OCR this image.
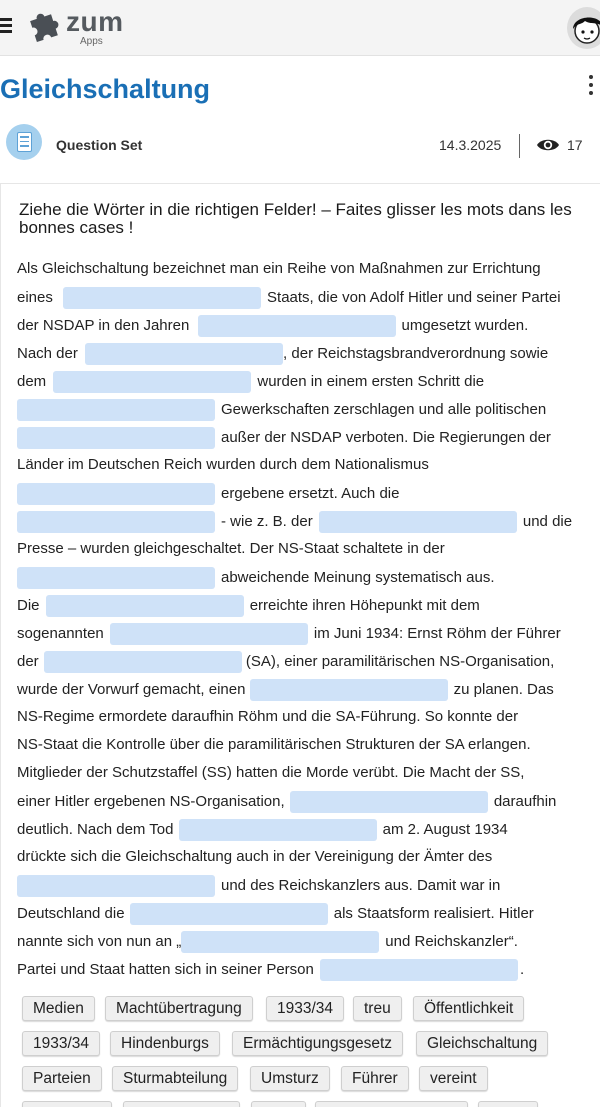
zum
Apps
Gleichschaltung
Question Set	14.3.2025	17

Ziehe die Wörter in die richtigen Felder! – Faites glisser les mots dans les bonnes cases !

Als Gleichschaltung bezeichnet man ein Reihe von Maßnahmen zur Errichtung
eines	Staats, die von Adolf Hitler und seiner Partei
der NSDAP in den Jahren	umgesetzt wurden.
Nach der	, der Reichstagsbrandverordnung sowie
dem	wurden in einem ersten Schritt die
Gewerkschaften zerschlagen und alle politischen
außer der NSDAP verboten. Die Regierungen der
Länder im Deutschen Reich wurden durch dem Nationalismus
ergebene ersetzt. Auch die
- wie z. B. der	und die
Presse – wurden gleichgeschaltet. Der NS-Staat schaltete in der
abweichende Meinung systematisch aus.
Die	erreichte ihren Höhepunkt mit dem
sogenannten	im Juni 1934: Ernst Röhm der Führer
der	(SA), einer paramilitärischen NS-Organisation,
wurde der Vorwurf gemacht, einen	zu planen. Das
NS-Regime ermordete daraufhin Röhm und die SA-Führung. So konnte der
NS-Staat die Kontrolle über die paramilitärischen Strukturen der SA erlangen.
Mitglieder der Schutzstaffel (SS) hatten die Morde verübt. Die Macht der SS,
einer Hitler ergebenen NS-Organisation,	daraufhin
deutlich. Nach dem Tod	am 2. August 1934
drückte sich die Gleichschaltung auch in der Vereinigung der Ämter des
und des Reichskanzlers aus. Damit war in
Deutschland die	als Staatsform realisiert. Hitler
nannte sich von nun an „	und Reichskanzler“.
Partei und Staat hatten sich in seiner Person	.
Medien	Machtübertragung	1933/34	treu	Öffentlichkeit
1933/34	Hindenburgs	Ermächtigungsgesetz	Gleichschaltung
Parteien	Sturmabteilung	Umsturz	Führer	vereint
